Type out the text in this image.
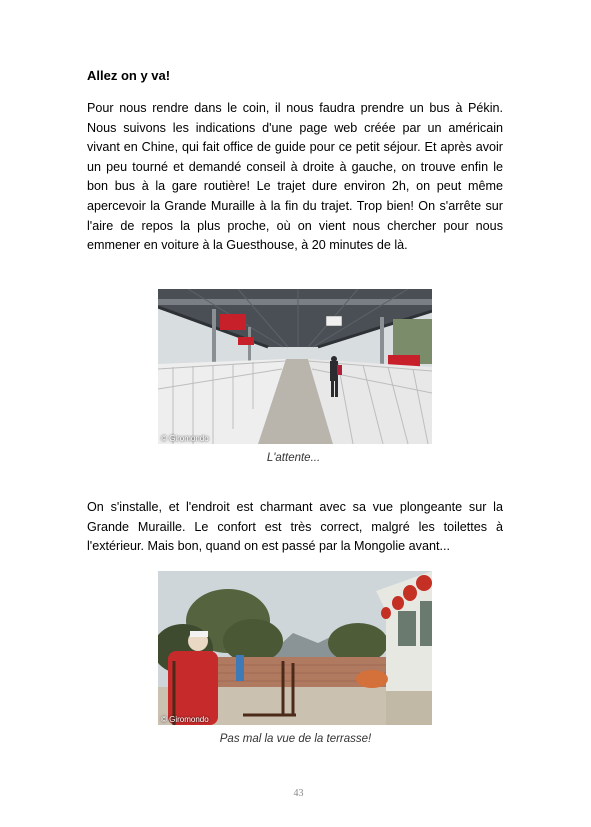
Allez on y va!

Pour nous rendre dans le coin, il nous faudra prendre un bus à Pékin. Nous suivons les indications d'une page web créée par un américain vivant en Chine, qui fait office de guide pour ce petit séjour. Et après avoir un peu tourné et demandé conseil à droite à gauche, on trouve enfin le bon bus à la gare routière! Le trajet dure environ 2h, on peut même apercevoir la Grande Muraille à la fin du trajet. Trop bien! On s'arrête sur l'aire de repos la plus proche, où on vient nous chercher pour nous emmener en voiture à la Guesthouse, à 20 minutes de là.

© Giromondo
L'attente...

On s'installe, et l'endroit est charmant avec sa vue plongeante sur la Grande Muraille. Le confort est très correct, malgré les toilettes à l'extérieur. Mais bon, quand on est passé par la Mongolie avant...

© Giromondo
Pas mal la vue de la terrasse!
43
